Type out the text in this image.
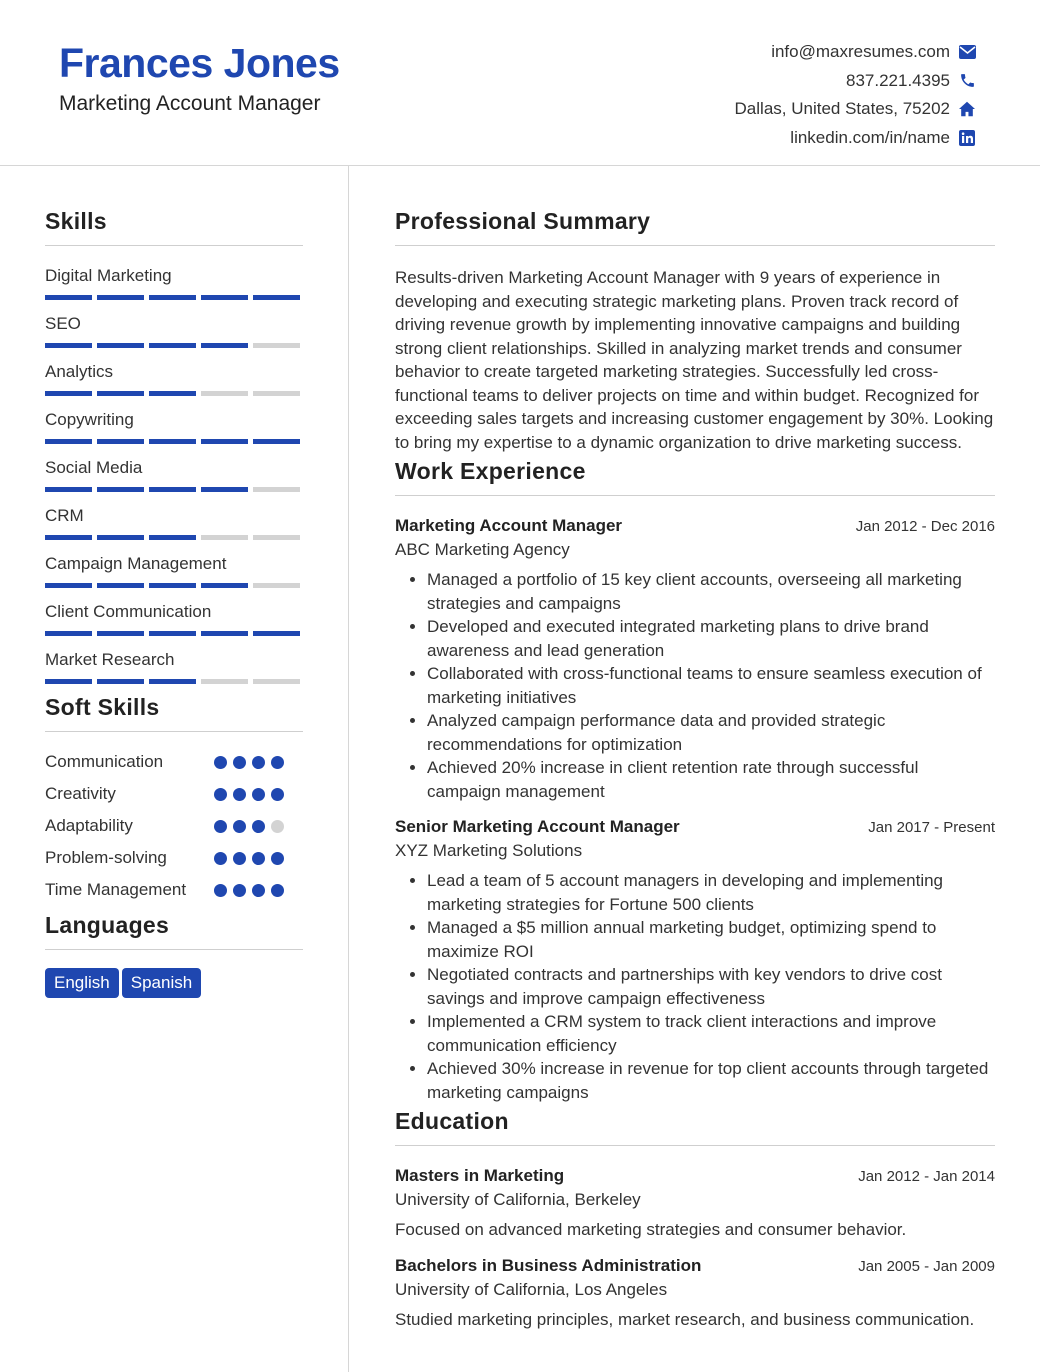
Frances Jones
Marketing Account Manager
info@maxresumes.com
837.221.4395
Dallas, United States, 75202
linkedin.com/in/name
Skills
Digital Marketing
SEO
Analytics
Copywriting
Social Media
CRM
Campaign Management
Client Communication
Market Research
Soft Skills
Communication
Creativity
Adaptability
Problem-solving
Time Management
Languages
English Spanish
Professional Summary
Results-driven Marketing Account Manager with 9 years of experience in developing and executing strategic marketing plans. Proven track record of driving revenue growth by implementing innovative campaigns and building strong client relationships. Skilled in analyzing market trends and consumer behavior to create targeted marketing strategies. Successfully led cross-functional teams to deliver projects on time and within budget. Recognized for exceeding sales targets and increasing customer engagement by 30%. Looking to bring my expertise to a dynamic organization to drive marketing success.
Work Experience
Marketing Account Manager	Jan 2012 - Dec 2016
ABC Marketing Agency
• Managed a portfolio of 15 key client accounts, overseeing all marketing strategies and campaigns
• Developed and executed integrated marketing plans to drive brand awareness and lead generation
• Collaborated with cross-functional teams to ensure seamless execution of marketing initiatives
• Analyzed campaign performance data and provided strategic recommendations for optimization
• Achieved 20% increase in client retention rate through successful campaign management
Senior Marketing Account Manager	Jan 2017 - Present
XYZ Marketing Solutions
• Lead a team of 5 account managers in developing and implementing marketing strategies for Fortune 500 clients
• Managed a $5 million annual marketing budget, optimizing spend to maximize ROI
• Negotiated contracts and partnerships with key vendors to drive cost savings and improve campaign effectiveness
• Implemented a CRM system to track client interactions and improve communication efficiency
• Achieved 30% increase in revenue for top client accounts through targeted marketing campaigns
Education
Masters in Marketing	Jan 2012 - Jan 2014
University of California, Berkeley
Focused on advanced marketing strategies and consumer behavior.
Bachelors in Business Administration	Jan 2005 - Jan 2009
University of California, Los Angeles
Studied marketing principles, market research, and business communication.
